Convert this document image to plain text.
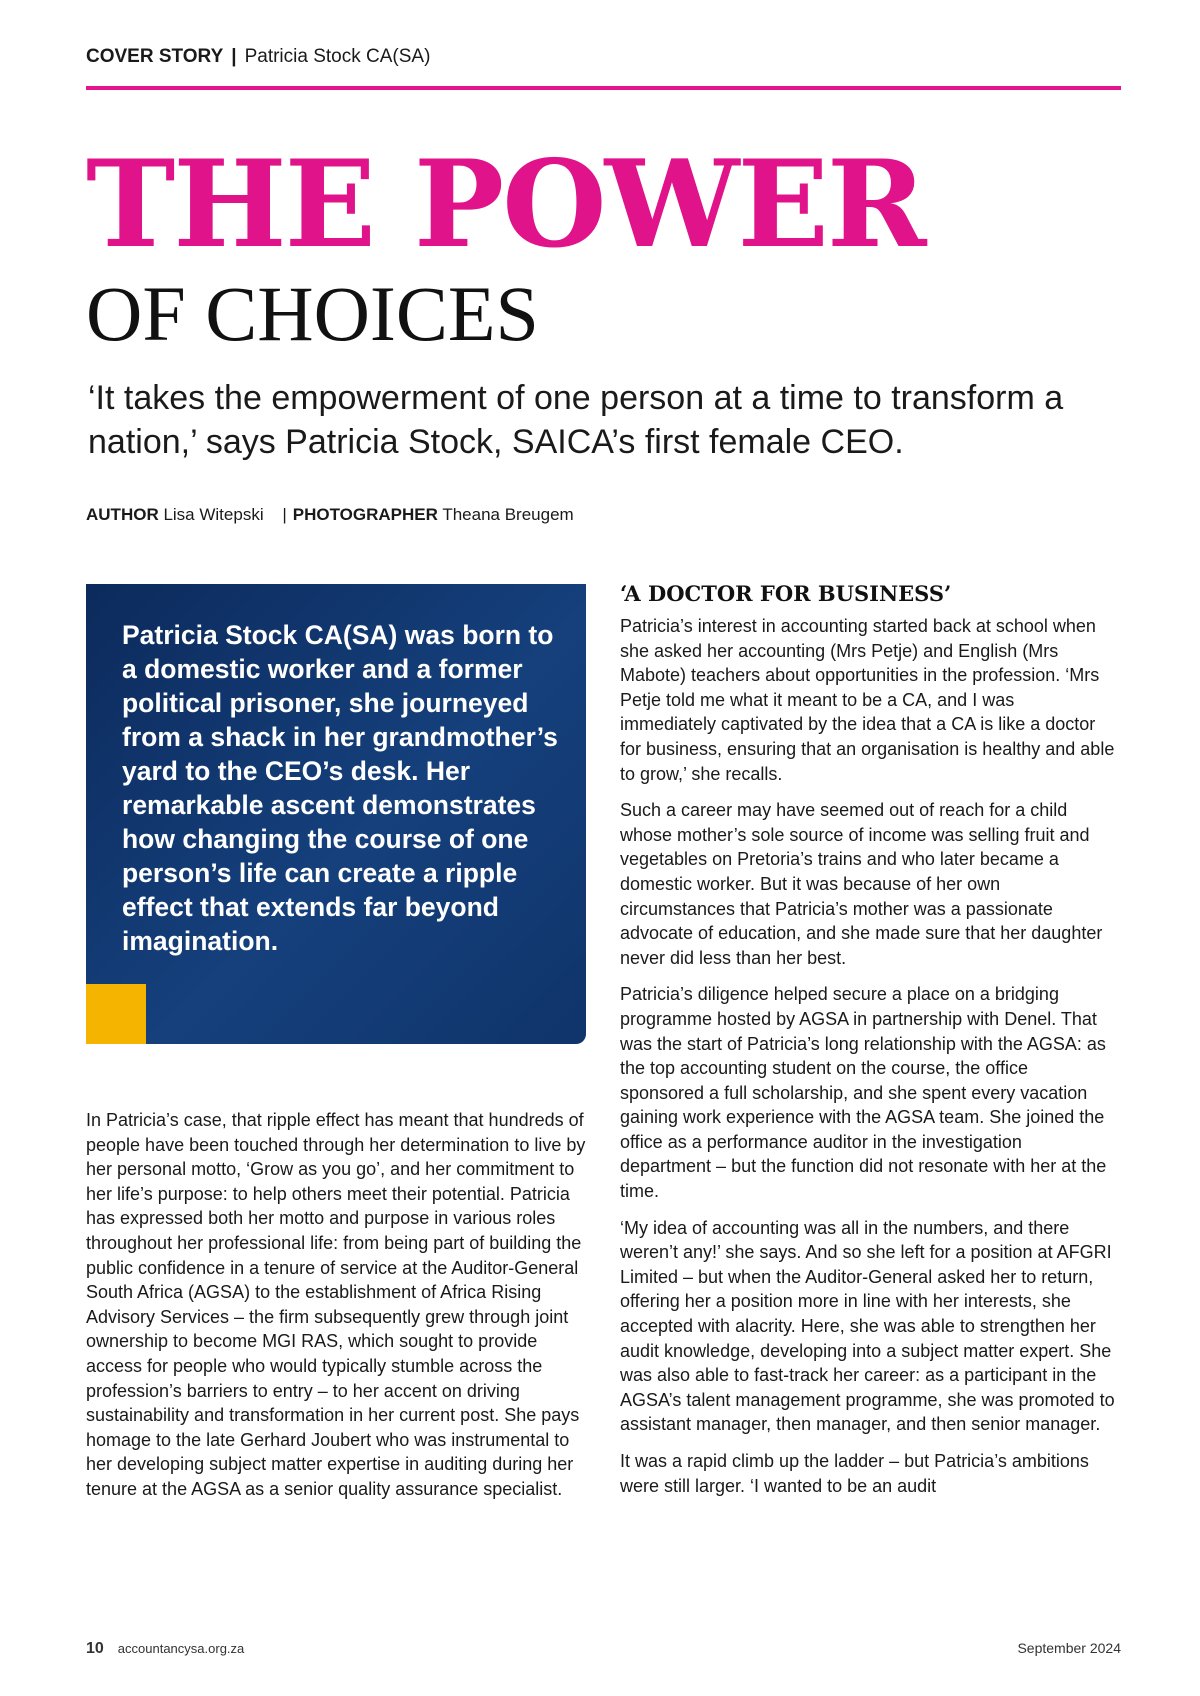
COVER STORY | Patricia Stock CA(SA)
THE POWER
OF CHOICES

‘It takes the empowerment of one person at a time to transform a nation,’ says Patricia Stock, SAICA’s first female CEO.

AUTHOR Lisa Witepski | PHOTOGRAPHER Theana Breugem

Patricia Stock CA(SA) was born to a domestic worker and a former political prisoner, she journeyed from a shack in her grandmother’s yard to the CEO’s desk. Her remarkable ascent demonstrates how changing the course of one person’s life can create a ripple effect that extends far beyond imagination.

In Patricia’s case, that ripple effect has meant that hundreds of people have been touched through her determination to live by her personal motto, ‘Grow as you go’, and her commitment to her life’s purpose: to help others meet their potential. Patricia has expressed both her motto and purpose in various roles throughout her professional life: from being part of building the public confidence in a tenure of service at the Auditor-General South Africa (AGSA) to the establishment of Africa Rising Advisory Services – the firm subsequently grew through joint ownership to become MGI RAS, which sought to provide access for people who would typically stumble across the profession’s barriers to entry – to her accent on driving sustainability and transformation in her current post. She pays homage to the late Gerhard Joubert who was instrumental to her developing subject matter expertise in auditing during her tenure at the AGSA as a senior quality assurance specialist.

‘A DOCTOR FOR BUSINESS’

Patricia’s interest in accounting started back at school when she asked her accounting (Mrs Petje) and English (Mrs Mabote) teachers about opportunities in the profession. ‘Mrs Petje told me what it meant to be a CA, and I was immediately captivated by the idea that a CA is like a doctor for business, ensuring that an organisation is healthy and able to grow,’ she recalls.

Such a career may have seemed out of reach for a child whose mother’s sole source of income was selling fruit and vegetables on Pretoria’s trains and who later became a domestic worker. But it was because of her own circumstances that Patricia’s mother was a passionate advocate of education, and she made sure that her daughter never did less than her best.

Patricia’s diligence helped secure a place on a bridging programme hosted by AGSA in partnership with Denel. That was the start of Patricia’s long relationship with the AGSA: as the top accounting student on the course, the office sponsored a full scholarship, and she spent every vacation gaining work experience with the AGSA team. She joined the office as a performance auditor in the investigation department – but the function did not resonate with her at the time.

‘My idea of accounting was all in the numbers, and there weren’t any!’ she says. And so she left for a position at AFGRI Limited – but when the Auditor-General asked her to return, offering her a position more in line with her interests, she accepted with alacrity. Here, she was able to strengthen her audit knowledge, developing into a subject matter expert. She was also able to fast-track her career: as a participant in the AGSA’s talent management programme, she was promoted to assistant manager, then manager, and then senior manager.

It was a rapid climb up the ladder – but Patricia’s ambitions were still larger. ‘I wanted to be an audit

10 accountancysa.org.za	September 2024
